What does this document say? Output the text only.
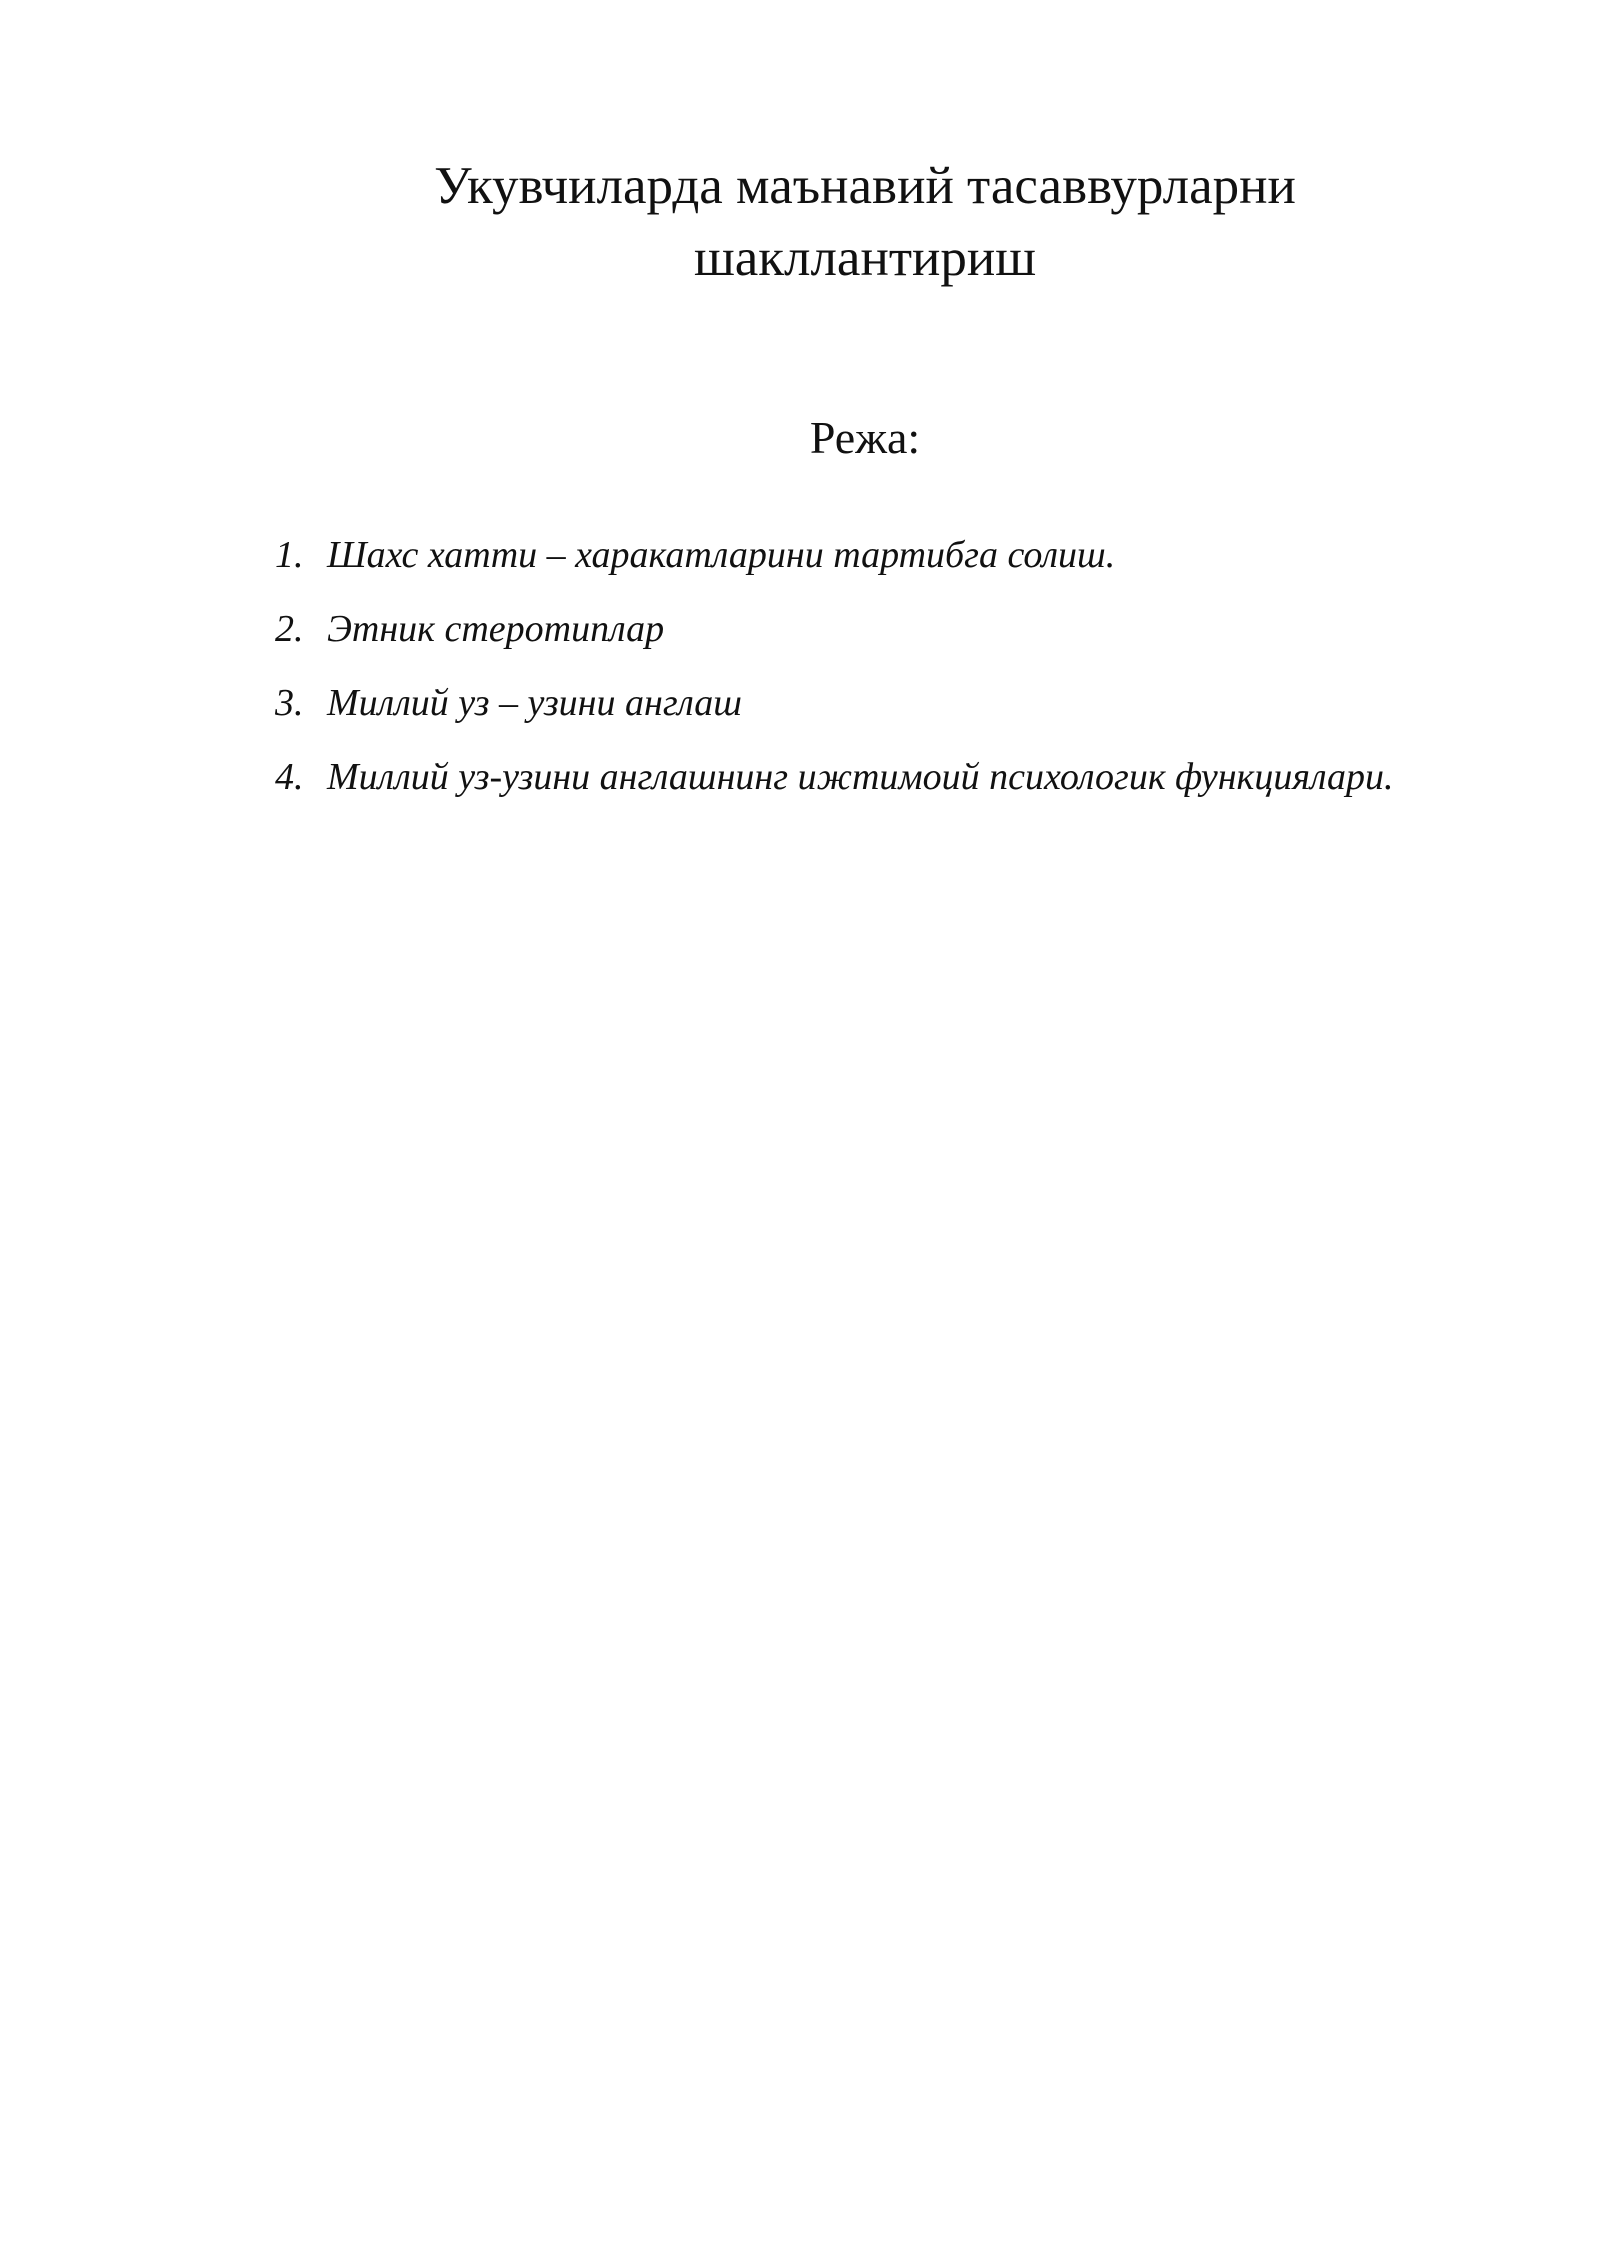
Укувчиларда маънавий тасаввурларни
шакллантириш
Режа:
1. Шахс хатти – харакатларини тартибга солиш.
2. Этник стеротиплар
3. Миллий уз – узини англаш
4. Миллий уз-узини англашнинг ижтимоий психологик функциялари.
